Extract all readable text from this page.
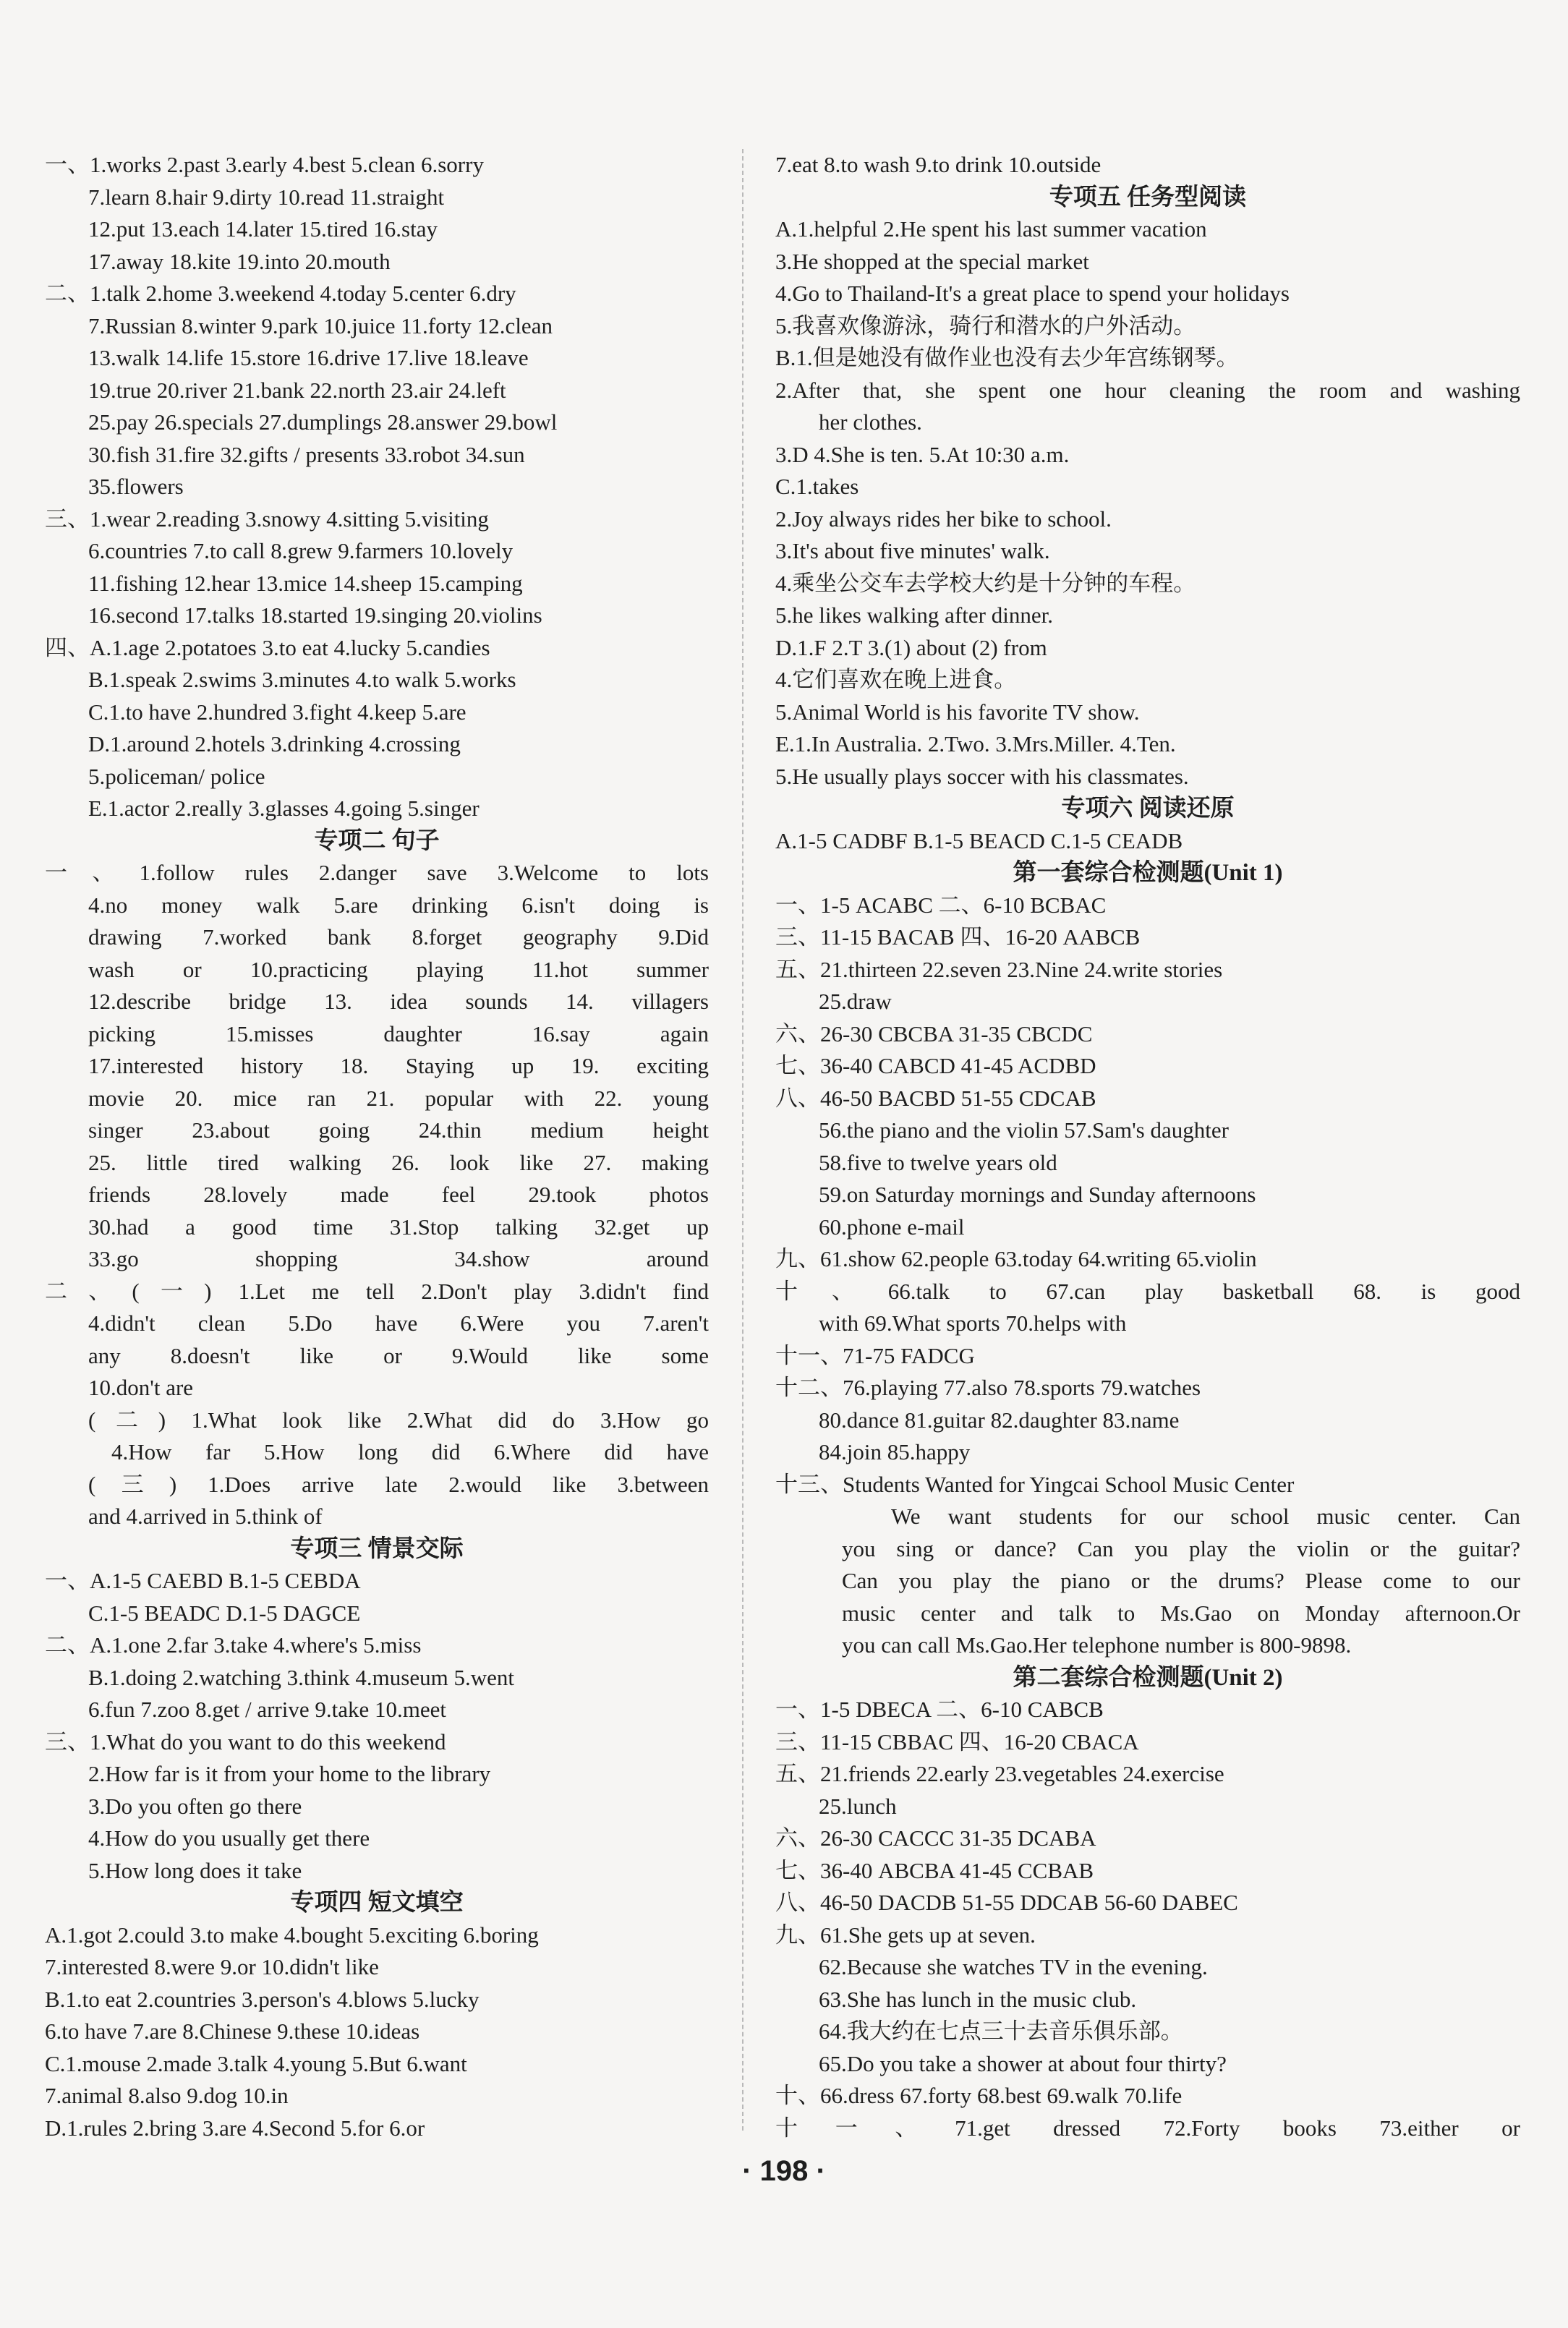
一、1.works 2.past 3.early 4.best 5.clean 6.sorry
7.learn 8.hair 9.dirty 10.read 11.straight
12.put 13.each 14.later 15.tired 16.stay
17.away 18.kite 19.into 20.mouth
二、1.talk 2.home 3.weekend 4.today 5.center 6.dry
7.Russian 8.winter 9.park 10.juice 11.forty 12.clean
13.walk 14.life 15.store 16.drive 17.live 18.leave
19.true 20.river 21.bank 22.north 23.air 24.left
25.pay 26.specials 27.dumplings 28.answer 29.bowl
30.fish 31.fire 32.gifts / presents 33.robot 34.sun
35.flowers
三、1.wear 2.reading 3.snowy 4.sitting 5.visiting
6.countries 7.to call 8.grew 9.farmers 10.lovely
11.fishing 12.hear 13.mice 14.sheep 15.camping
16.second 17.talks 18.started 19.singing 20.violins
四、A.1.age 2.potatoes 3.to eat 4.lucky 5.candies
B.1.speak 2.swims 3.minutes 4.to walk 5.works
C.1.to have 2.hundred 3.fight 4.keep 5.are
D.1.around 2.hotels 3.drinking 4.crossing
5.policeman/ police
E.1.actor 2.really 3.glasses 4.going 5.singer
专项二 句子
一、1.follow rules 2.danger save 3.Welcome to lots
4.no money walk 5.are drinking 6.isn't doing is
drawing 7.worked bank 8.forget geography 9.Did
wash or 10.practicing playing 11.hot summer
12.describe bridge 13. idea sounds 14. villagers
picking 15.misses daughter 16.say again
17.interested history 18. Staying up 19. exciting
movie 20. mice ran 21. popular with 22. young
singer 23.about going 24.thin medium height
25. little tired walking 26. look like 27. making
friends 28.lovely made feel 29.took photos
30.had a good time 31.Stop talking 32.get up
33.go shopping 34.show around
二、(一) 1.Let me tell 2.Don't play 3.didn't find
4.didn't clean 5.Do have 6.Were you 7.aren't
any 8.doesn't like or 9.Would like some
10.don't are
(二) 1.What look like 2.What did do 3.How go
4.How far 5.How long did 6.Where did have
(三) 1.Does arrive late 2.would like 3.between
and 4.arrived in 5.think of
专项三 情景交际
一、A.1-5 CAEBD B.1-5 CEBDA
C.1-5 BEADC D.1-5 DAGCE
二、A.1.one 2.far 3.take 4.where's 5.miss
B.1.doing 2.watching 3.think 4.museum 5.went
6.fun 7.zoo 8.get / arrive 9.take 10.meet
三、1.What do you want to do this weekend
2.How far is it from your home to the library
3.Do you often go there
4.How do you usually get there
5.How long does it take
专项四 短文填空
A.1.got 2.could 3.to make 4.bought 5.exciting 6.boring
7.interested 8.were 9.or 10.didn't like
B.1.to eat 2.countries 3.person's 4.blows 5.lucky
6.to have 7.are 8.Chinese 9.these 10.ideas
C.1.mouse 2.made 3.talk 4.young 5.But 6.want
7.animal 8.also 9.dog 10.in
D.1.rules 2.bring 3.are 4.Second 5.for 6.or
7.eat 8.to wash 9.to drink 10.outside
专项五 任务型阅读
A.1.helpful 2.He spent his last summer vacation
3.He shopped at the special market
4.Go to Thailand-It's a great place to spend your holidays
5.我喜欢像游泳，骑行和潜水的户外活动。
B.1.但是她没有做作业也没有去少年宫练钢琴。
2.After that, she spent one hour cleaning the room and washing
her clothes.
3.D 4.She is ten. 5.At 10:30 a.m.
C.1.takes
2.Joy always rides her bike to school.
3.It's about five minutes' walk.
4.乘坐公交车去学校大约是十分钟的车程。
5.he likes walking after dinner.
D.1.F 2.T 3.(1) about (2) from
4.它们喜欢在晚上进食。
5.Animal World is his favorite TV show.
E.1.In Australia. 2.Two. 3.Mrs.Miller. 4.Ten.
5.He usually plays soccer with his classmates.
专项六 阅读还原
A.1-5 CADBF B.1-5 BEACD C.1-5 CEADB
第一套综合检测题(Unit 1)
一、1-5 ACABC 二、6-10 BCBAC
三、11-15 BACAB 四、16-20 AABCB
五、21.thirteen 22.seven 23.Nine 24.write stories
25.draw
六、26-30 CBCBA 31-35 CBCDC
七、36-40 CABCD 41-45 ACDBD
八、46-50 BACBD 51-55 CDCAB
56.the piano and the violin 57.Sam's daughter
58.five to twelve years old
59.on Saturday mornings and Sunday afternoons
60.phone e-mail
九、61.show 62.people 63.today 64.writing 65.violin
十、66.talk to 67.can play basketball 68. is good
with 69.What sports 70.helps with
十一、71-75 FADCG
十二、76.playing 77.also 78.sports 79.watches
80.dance 81.guitar 82.daughter 83.name
84.join 85.happy
十三、Students Wanted for Yingcai School Music Center
We want students for our school music center. Can
you sing or dance? Can you play the violin or the guitar?
Can you play the piano or the drums? Please come to our
music center and talk to Ms.Gao on Monday afternoon.Or
you can call Ms.Gao.Her telephone number is 800-9898.
第二套综合检测题(Unit 2)
一、1-5 DBECA 二、6-10 CABCB
三、11-15 CBBAC 四、16-20 CBACA
五、21.friends 22.early 23.vegetables 24.exercise
25.lunch
六、26-30 CACCC 31-35 DCABA
七、36-40 ABCBA 41-45 CCBAB
八、46-50 DACDB 51-55 DDCAB 56-60 DABEC
九、61.She gets up at seven.
62.Because she watches TV in the evening.
63.She has lunch in the music club.
64.我大约在七点三十去音乐俱乐部。
65.Do you take a shower at about four thirty?
十、66.dress 67.forty 68.best 69.walk 70.life
十一、71.get dressed 72.Forty books 73.either or
· 198 ·
